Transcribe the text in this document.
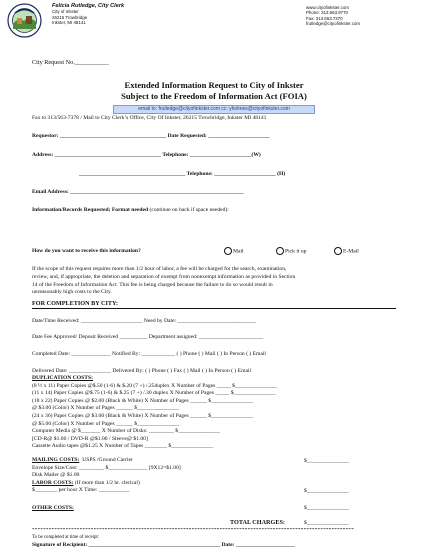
Felicia Rutledge, City Clerk
City of Inkster
26215 Trowbridge
Inkster, MI 48141
www.cityofinkster.com
Phone: 313.563.9770
Fax: 313.563.7370
frutledge@cityofinkster.com
City Request No.___________
Extended Information Request to City of Inkster
Subject to the Freedom of Information Act (FOIA)
email to: frutledge@cityofinkster.com cc: yholmes@cityofinkster.com
Fax to 313/563-7378 / Mail to City Clerk’s Office, City Of Inkster, 26215 Trowbridge, Inkster MI 48141
Requestor: ______________________________________ Date Requested: ______________________
Address: ______________________________________ Telephone: ______________________(W)
______________________________________ Telephone: ______________________ (H)
Email Address: ______________________________________________________________
Information/Records Requested; Format needed (continue on back if space needed):
How do you want to receive this information?	Mail	Pick it up	E-Mail
If the scope of this request requires more than 1/2 hour of labor, a fee will be charged for the search, examination,
review, and, if appropriate, the deletion and separation of exempt from nonexempt information as provided in Section
14 of the Freedom of Information Act. This fee is being charged because the failure to do so would result in
unreasonably high costs to the City.
FOR COMPLETION BY CITY:
Date/Time Received: ______________________ Need by Date: ____________________________
Date Fee Approved/ Deposit Received __________ Department assigned: _______________________
Completed Date: ______________ Notified By: ____________ ( ) Phone ( ) Mail ( ) In Person ( ) Email
Delivered Date: _______________ Delivered By: ( ) Phone ( ) Fax ( ) Mail ( ) In Person ( ) Email
DUPLICATION COSTS:
(8 ½ x 11) Paper Copies @$.50 (1-6) & $.20 (7 +) /.25duplex X Number of Pages _____ $_______________
(11 x 14) Paper Copies @$.75 (1-6) & $.25 (7 +) /.30 duplex X Number of Pages _____ $_______________
(18 x 22) Paper Copies @ $2.00 (Black & White) X Number of Pages ______ $_______________
@ $3.00 (Color) X Number of Pages ______ $_______________
(24 x 36) Paper Copies @ $3.00 (Black & White) X Number of Pages ______ $_______________
@ $5.00 (Color) X Number of Pages ______ $_______________
Computer Media @ $_______ X Number of Disks: _________ $_______________
[CD-R@ $1.00 / DVD-R @$1.00 / Sleeve@ $1.00]
Cassette Audio tapes @$1.25 X Number of Tapes ________ $_______________
MAILING COSTS: USPS /Ground Carrier
Envelope Size/Cost: _________ $______________ [9X12=$1.00]
Disk Mailer @ $1.00
LABOR COSTS: (If more than 1/2 hr. clerical)
$________ per hour X Time: ___________
$_______________
$_______________
OTHER COSTS:	$_______________
TOTAL CHARGES:	$_______________
*******************************************************************************************************************
To be completed at time of receipt:
Signature of Recipient: _______________________________________________ Date: _____________________
